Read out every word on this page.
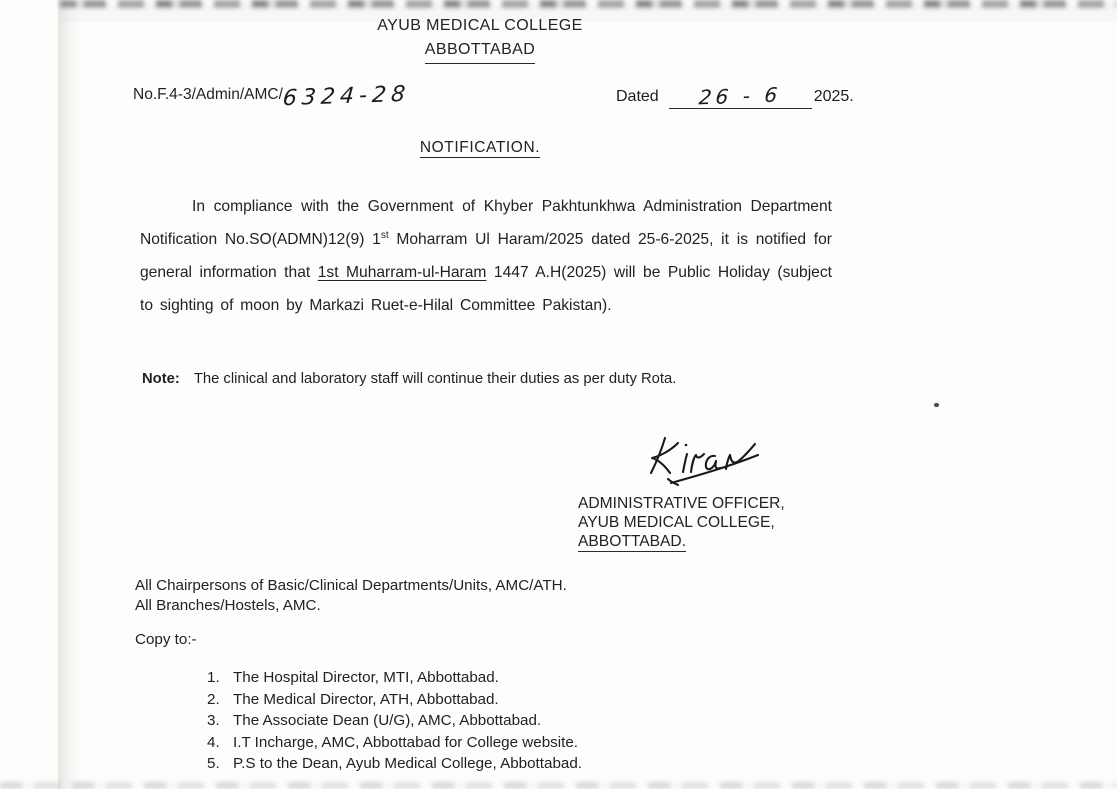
AYUB MEDICAL COLLEGE
ABBOTTABAD
No.F.4-3/Admin/AMC/6324-28	Dated 26 - 6 2025.
NOTIFICATION.
In compliance with the Government of Khyber Pakhtunkhwa Administration Department Notification No.SO(ADMN)12(9) 1st Moharram Ul Haram/2025 dated 25-6-2025, it is notified for general information that 1st Muharram-ul-Haram 1447 A.H(2025) will be Public Holiday (subject to sighting of moon by Markazi Ruet-e-Hilal Committee Pakistan).
Note: The clinical and laboratory staff will continue their duties as per duty Rota.
ADMINISTRATIVE OFFICER,
AYUB MEDICAL COLLEGE,
ABBOTTABAD.
All Chairpersons of Basic/Clinical Departments/Units, AMC/ATH.
All Branches/Hostels, AMC.
Copy to:-
1. The Hospital Director, MTI, Abbottabad.
2. The Medical Director, ATH, Abbottabad.
3. The Associate Dean (U/G), AMC, Abbottabad.
4. I.T Incharge, AMC, Abbottabad for College website.
5. P.S to the Dean, Ayub Medical College, Abbottabad.
